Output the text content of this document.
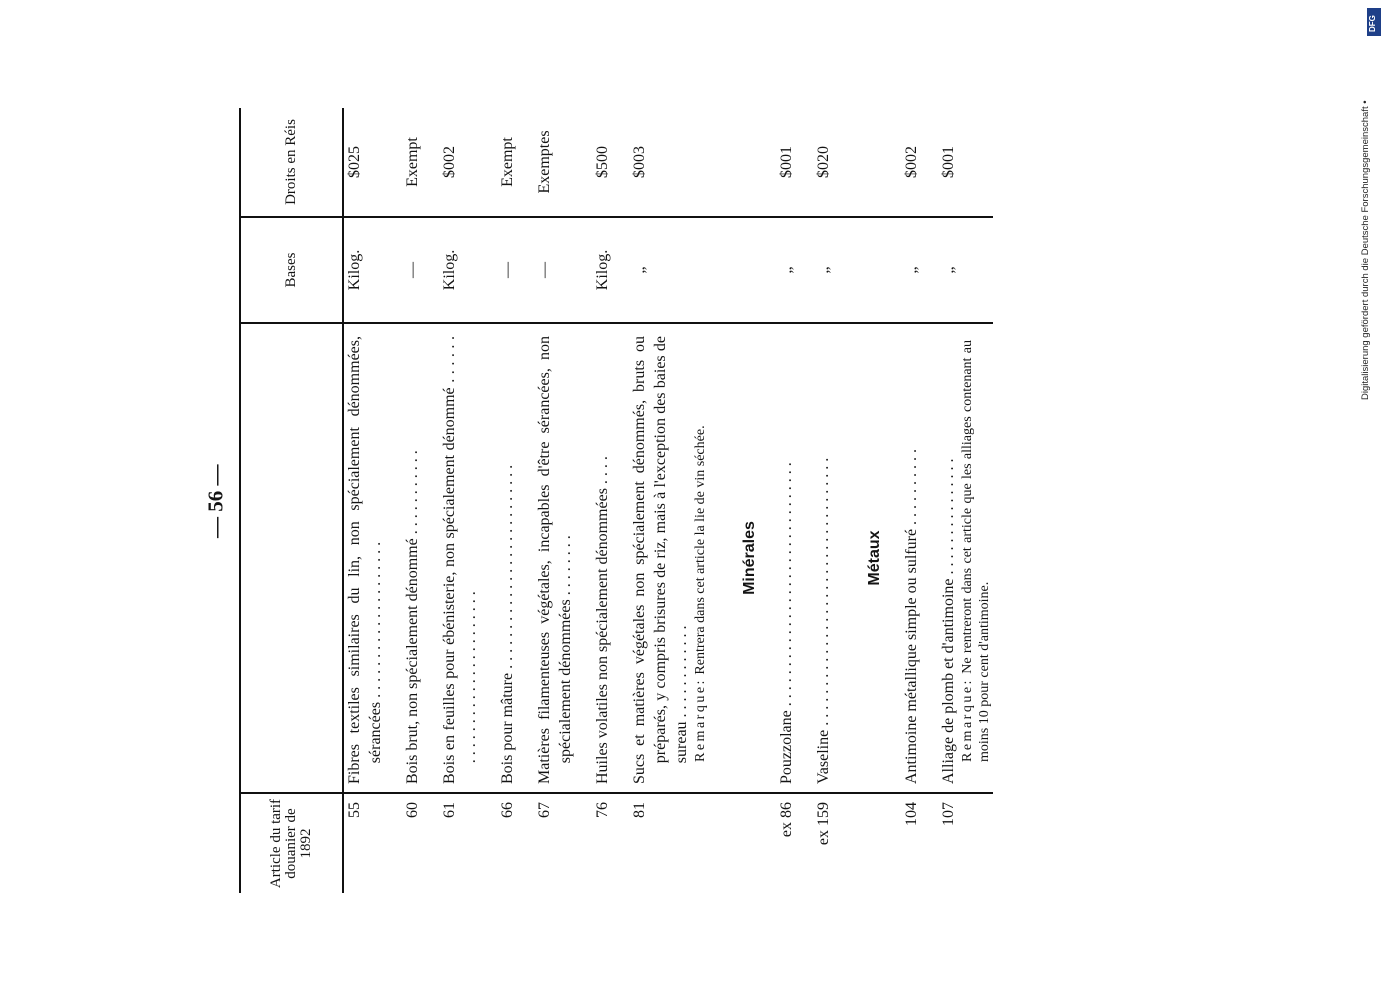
— 56 —
Article du tarif douanier de 1892		Bases	Droits en Réis
55	Fibres textiles similaires du lin, non spécialement dénommées, sérancées . . . . . . . . . . . . . . . . . . . .	Kilog.	$025

60	Bois brut, non spécialement dénommé . . . . . . . . . . .	—	Exempt

61	Bois en feuilles pour ébénisterie, non spécialement dénommé . . . . . . . . . . . . . . . . . . . . . . . . . . . .	Kilog.	$002

66	Bois pour mâture . . . . . . . . . . . . . . . . . . . . . . . . . .	—	Exempt

67	Matières filamenteuses végétales, incapables d'être sérancées, non spécialement dénommées . . . . . . . .	—	Exemptes

76	Huiles volatiles non spécialement dénommées . . . .	Kilog.	$500

81	Sucs et matières végétales non spécialement dénommés, bruts ou préparés, y compris brisures de riz, mais à l'exception des baies de sureau . . . . . . . . . . . . Remarque: Rentrera dans cet article la lie de vin séchée.	„	$003

	Minérales		

ex 86	Pouzzolane . . . . . . . . . . . . . . . . . . . . . . . . . . . . . . .	„	$001

ex 159	Vaseline . . . . . . . . . . . . . . . . . . . . . . . . . . . . . . . . . .	„	$020

	Métaux		

104	Antimoine métallique simple ou sulfuré . . . . . . . . . .	„	$002

107	Alliage de plomb et d'antimoine . . . . . . . . . . . . . . . Remarque: Ne rentreront dans cet article que les alliages contenant au moins 10 pour cent d'antimoine.	„	$001
DFG
Digitalisierung gefördert durch die Deutsche Forschungsgemeinschaft •
